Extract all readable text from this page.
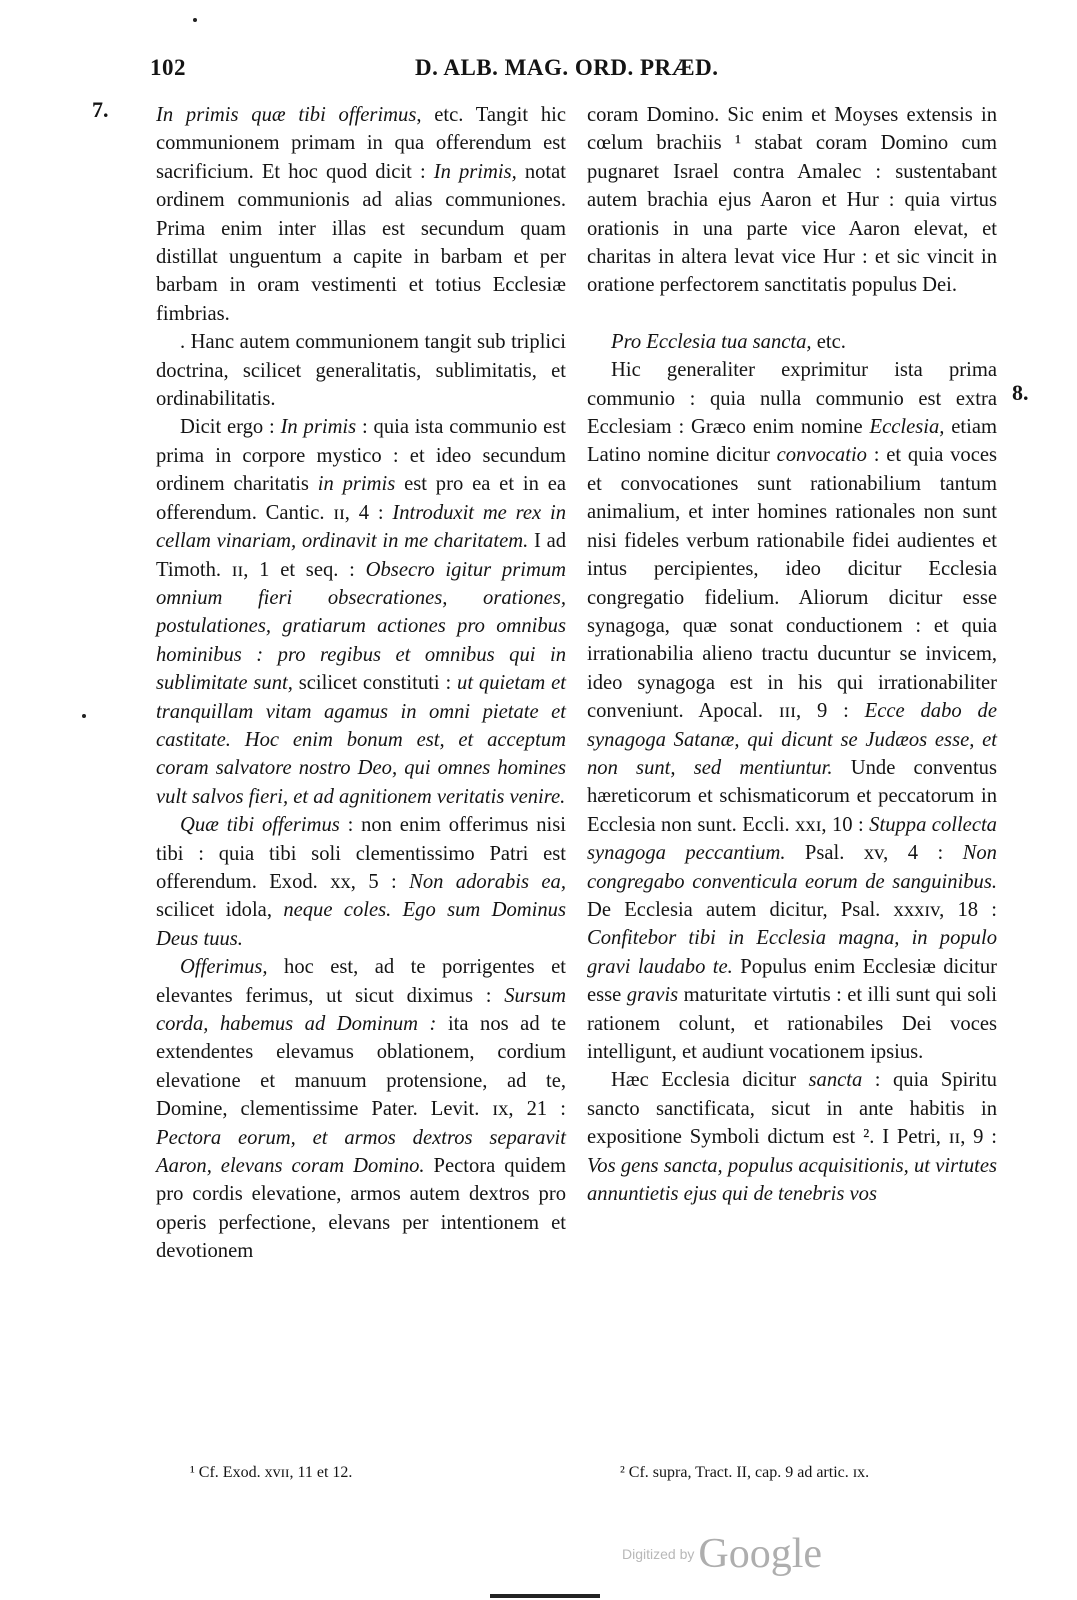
102	D. ALB. MAG. ORD. PRÆD.
7.
8.

In primis quæ tibi offerimus, etc. Tangit hic communionem primam in qua offerendum est sacrificium. Et hoc quod dicit : In primis, notat ordinem communionis ad alias communiones. Prima enim inter illas est secundum quam distillat unguentum a capite in barbam et per barbam in oram vestimenti et totius Ecclesiæ fimbrias.

. Hanc autem communionem tangit sub triplici doctrina, scilicet generalitatis, sublimitatis, et ordinabilitatis.

Dicit ergo : In primis : quia ista communio est prima in corpore mystico : et ideo secundum ordinem charitatis in primis est pro ea et in ea offerendum. Cantic. ɪɪ, 4 : Introduxit me rex in cellam vinariam, ordinavit in me charitatem. I ad Timoth. ɪɪ, 1 et seq. : Obsecro igitur primum omnium fieri obsecrationes, orationes, postulationes, gratiarum actiones pro omnibus hominibus : pro regibus et omnibus qui in sublimitate sunt, scilicet constituti : ut quietam et tranquillam vitam agamus in omni pietate et castitate. Hoc enim bonum est, et acceptum coram salvatore nostro Deo, qui omnes homines vult salvos fieri, et ad agnitionem veritatis venire.

Quæ tibi offerimus : non enim offerimus nisi tibi : quia tibi soli clementissimo Patri est offerendum. Exod. xx, 5 : Non adorabis ea, scilicet idola, neque coles. Ego sum Dominus Deus tuus.

Offerimus, hoc est, ad te porrigentes et elevantes ferimus, ut sicut diximus : Sursum corda, habemus ad Dominum : ita nos ad te extendentes elevamus oblationem, cordium elevatione et manuum protensione, ad te, Domine, clementissime Pater. Levit. ɪx, 21 : Pectora eorum, et armos dextros separavit Aaron, elevans coram Domino. Pectora quidem pro cordis elevatione, armos autem dextros pro operis perfectione, elevans per intentionem et devotionem

coram Domino. Sic enim et Moyses extensis in cœlum brachiis ¹ stabat coram Domino cum pugnaret Israel contra Amalec : sustentabant autem brachia ejus Aaron et Hur : quia virtus orationis in una parte vice Aaron elevat, et charitas in altera levat vice Hur : et sic vincit in oratione perfectorem sanctitatis populus Dei.

Pro Ecclesia tua sancta, etc.

Hic generaliter exprimitur ista prima communio : quia nulla communio est extra Ecclesiam : Græco enim nomine Ecclesia, etiam Latino nomine dicitur convocatio : et quia voces et convocationes sunt rationabilium tantum animalium, et inter homines rationales non sunt nisi fideles verbum rationabile fidei audientes et intus percipientes, ideo dicitur Ecclesia congregatio fidelium. Aliorum dicitur esse synagoga, quæ sonat conductionem : et quia irrationabilia alieno tractu ducuntur se invicem, ideo synagoga est in his qui irrationabiliter conveniunt. Apocal. ɪɪɪ, 9 : Ecce dabo de synagoga Satanæ, qui dicunt se Judæos esse, et non sunt, sed mentiuntur. Unde conventus hæreticorum et schismaticorum et peccatorum in Ecclesia non sunt. Eccli. xxɪ, 10 : Stuppa collecta synagoga peccantium. Psal. xv, 4 : Non congregabo conventicula eorum de sanguinibus. De Ecclesia autem dicitur, Psal. xxxɪv, 18 : Confitebor tibi in Ecclesia magna, in populo gravi laudabo te. Populus enim Ecclesiæ dicitur esse gravis maturitate virtutis : et illi sunt qui soli rationem colunt, et rationabiles Dei voces intelligunt, et audiunt vocationem ipsius.

Hæc Ecclesia dicitur sancta : quia Spiritu sancto sanctificata, sicut in ante habitis in expositione Symboli dictum est ². I Petri, ɪɪ, 9 : Vos gens sancta, populus acquisitionis, ut virtutes annuntietis ejus qui de tenebris vos

¹ Cf. Exod. xvɪɪ, 11 et 12.	² Cf. supra, Tract. II, cap. 9 ad artic. ɪx.
Digitized byGoogle
